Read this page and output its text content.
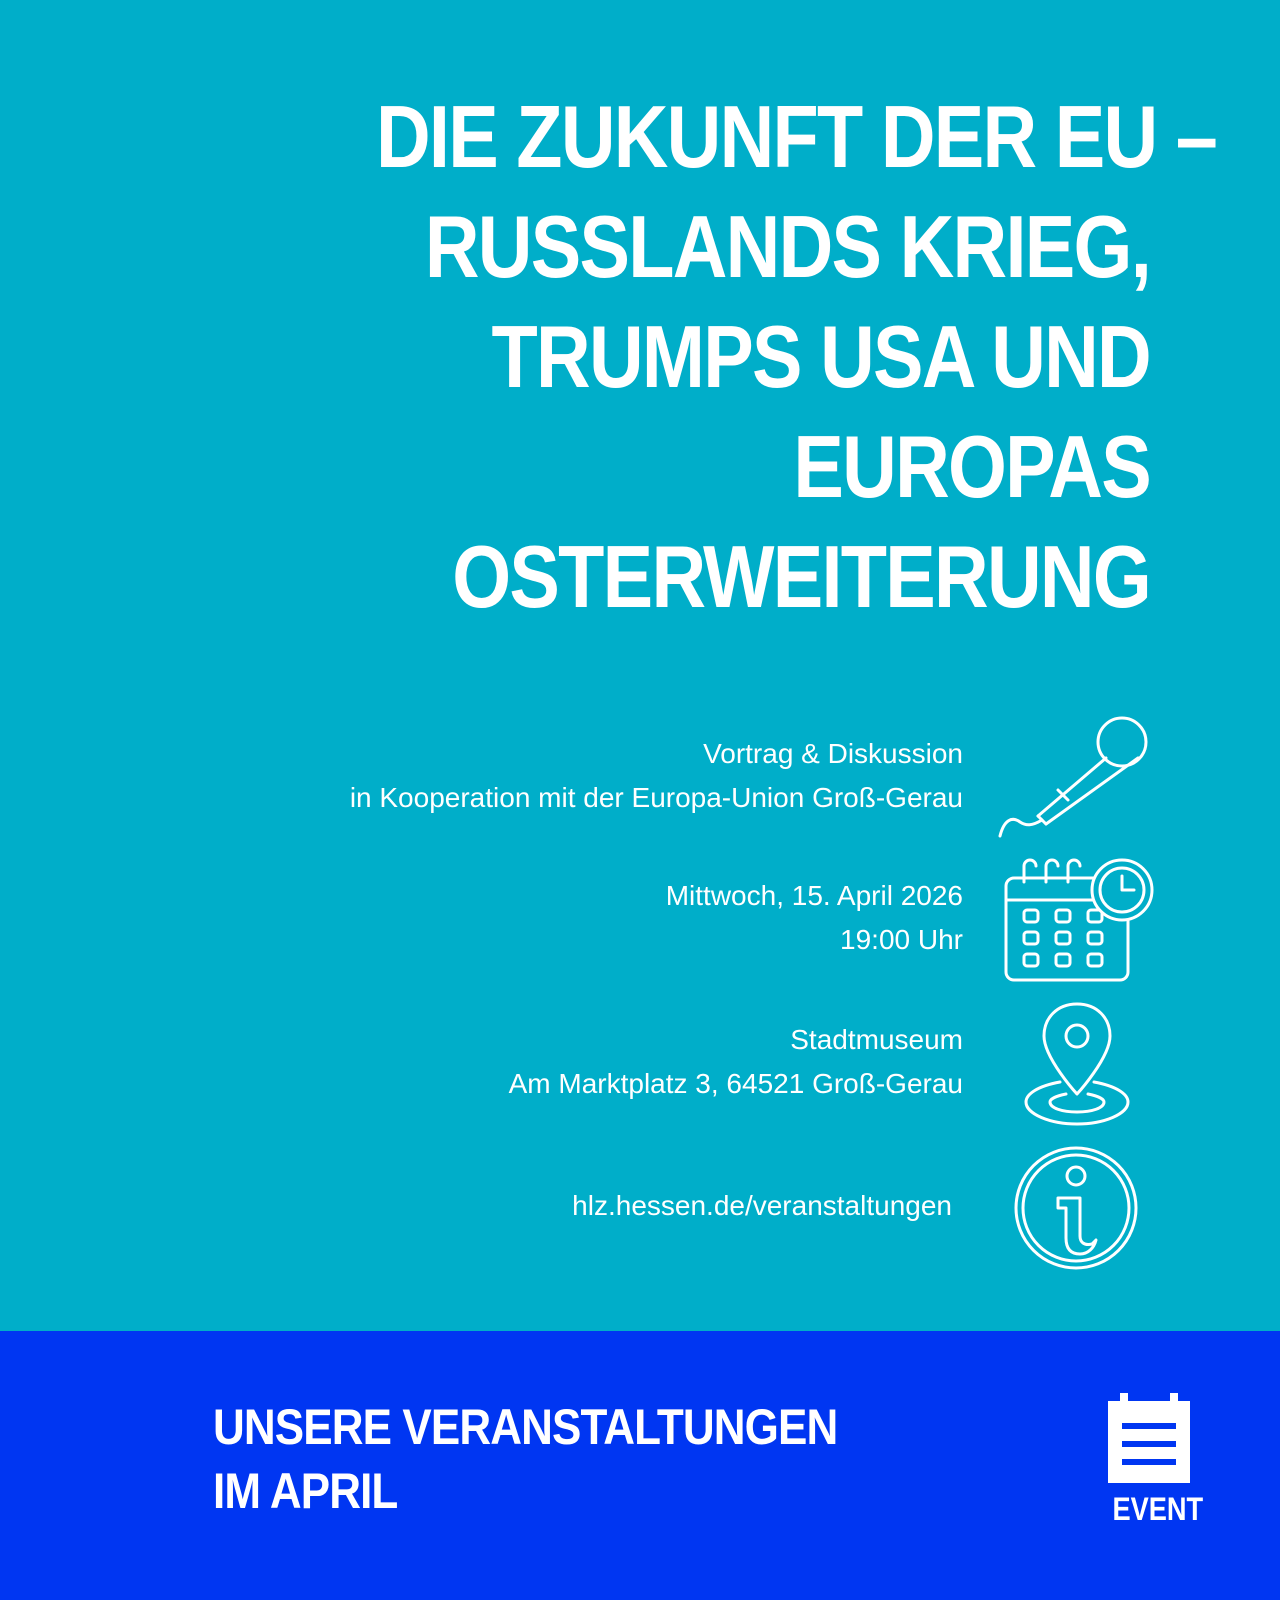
DIE ZUKUNFT DER EU –
RUSSLANDS KRIEG,
TRUMPS USA UND
EUROPAS
OSTERWEITERUNG
Vortrag & Diskussion
in Kooperation mit der Europa-Union Groß-Gerau
Mittwoch, 15. April 2026
19:00 Uhr
Stadtmuseum
Am Marktplatz 3, 64521 Groß-Gerau
hlz.hessen.de/veranstaltungen
UNSERE VERANSTALTUNGEN
IM APRIL	EVENT
